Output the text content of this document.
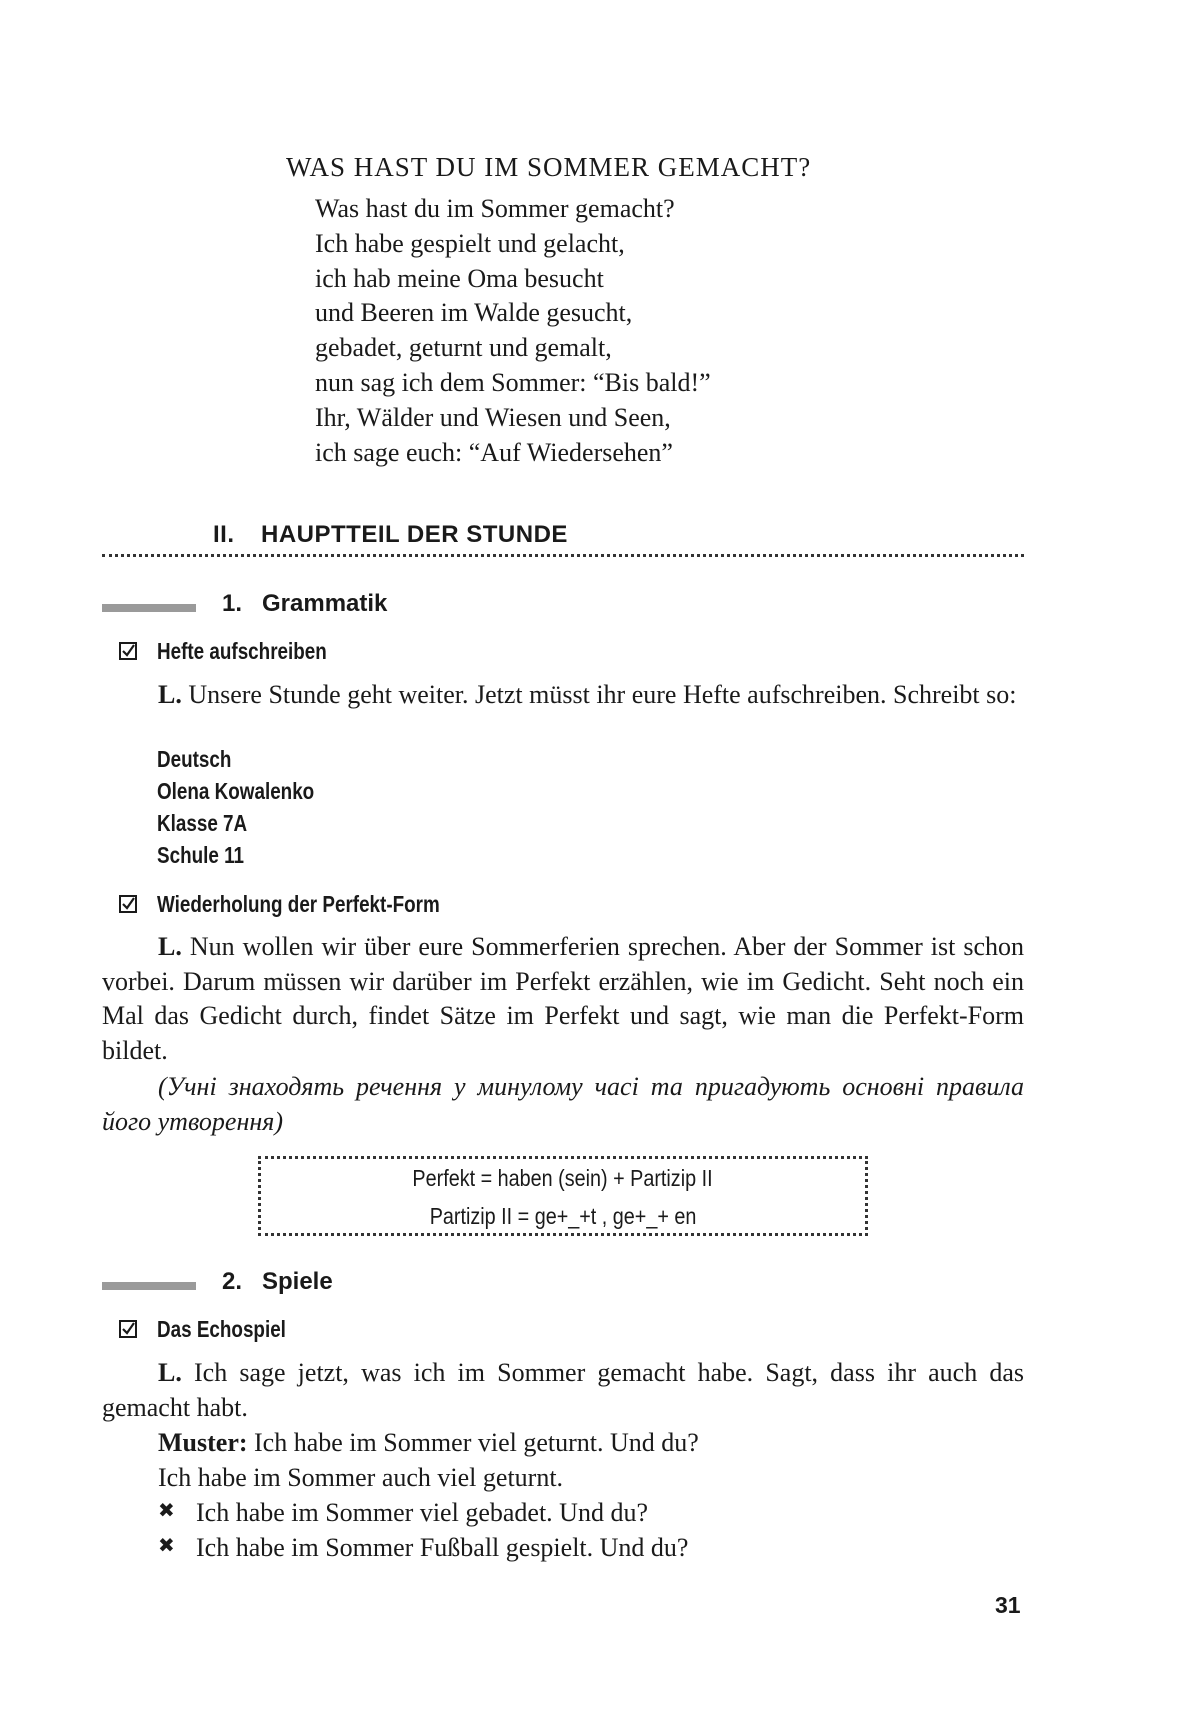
WAS HAST DU IM SOMMER GEMACHT?
Was hast du im Sommer gemacht?
Ich habe gespielt und gelacht,
ich hab meine Oma besucht
und Beeren im Walde gesucht,
gebadet, geturnt und gemalt,
nun sag ich dem Sommer: “Bis bald!”
Ihr, Wälder und Wiesen und Seen,
ich sage euch: “Auf Wiedersehen”
II. HAUPTTEIL DER STUNDE
1. Grammatik
Hefte aufschreiben
L. Unsere Stunde geht weiter. Jetzt müsst ihr eure Hefte aufschreiben. Schreibt so:
Deutsch
Olena Kowalenko
Klasse 7A
Schule 11
Wiederholung der Perfekt-Form
L. Nun wollen wir über eure Sommerferien sprechen. Aber der Sommer ist schon vorbei. Darum müssen wir darüber im Perfekt erzählen, wie im Gedicht. Seht noch ein Mal das Gedicht durch, findet Sätze im Perfekt und sagt, wie man die Perfekt-Form bildet.
(Учні знаходять речення у минулому часі та пригадують основні правила його утворення)
Perfekt = haben (sein) + Partizip II
Partizip II = ge+_+t , ge+_+ en
2. Spiele
Das Echospiel
L. Ich sage jetzt, was ich im Sommer gemacht habe. Sagt, dass ihr auch das gemacht habt.
Muster: Ich habe im Sommer viel geturnt. Und du?
Ich habe im Sommer auch viel geturnt.
✖ Ich habe im Sommer viel gebadet. Und du?
✖ Ich habe im Sommer Fußball gespielt. Und du?
31
